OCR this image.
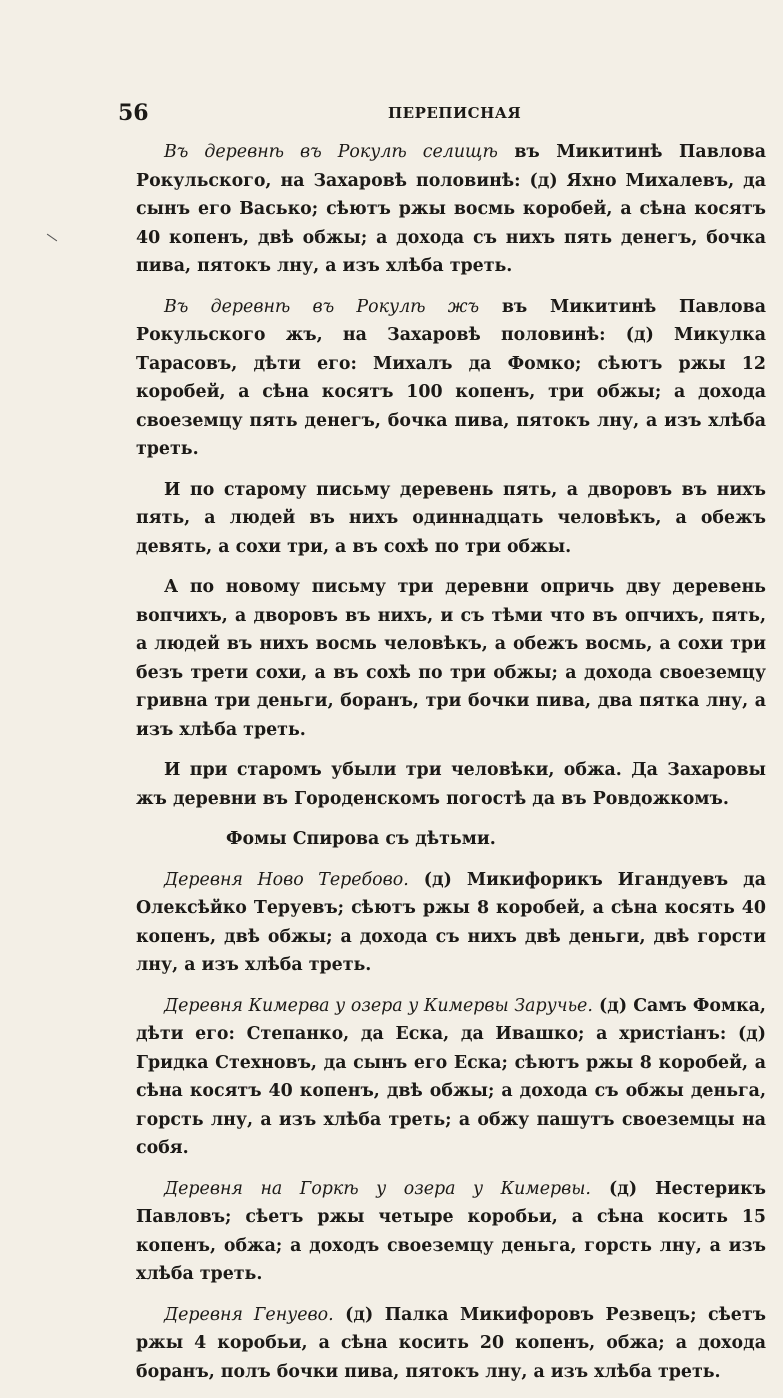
56	ПЕРЕПИСНАЯ

Въ деревнѣ въ Рокулѣ селищѣ въ Микитинѣ Павлова Рокульского, на Захаровѣ половинѣ: (д) Яхно Михалевъ, да сынъ его Васько; сѣютъ ржы восмь коробей, а сѣна косятъ 40 копенъ, двѣ обжы; а дохода съ нихъ пять денегъ, бочка пива, пятокъ лну, а изъ хлѣба треть.

Въ деревнѣ въ Рокулѣ жъ въ Микитинѣ Павлова Рокульского жъ, на Захаровѣ половинѣ: (д) Микулка Тарасовъ, дѣти его: Михалъ да Фомко; сѣютъ ржы 12 коробей, а сѣна косятъ 100 копенъ, три обжы; а дохода своеземцу пять денегъ, бочка пива, пятокъ лну, а изъ хлѣба треть.

И по старому письму деревень пять, а дворовъ въ нихъ пять, а людей въ нихъ одиннадцать человѣкъ, а обежъ девять, а сохи три, а въ сохѣ по три обжы.

А по новому письму три деревни опричь дву деревень вопчихъ, а дворовъ въ нихъ, и съ тѣми что въ опчихъ, пять, а людей въ нихъ восмь человѣкъ, а обежъ восмь, а сохи три безъ трети сохи, а въ сохѣ по три обжы; а дохода своеземцу гривна три деньги, боранъ, три бочки пива, два пятка лну, а изъ хлѣба треть.

И при старомъ убыли три человѣки, обжа. Да Захаровы жъ деревни въ Городенскомъ погостѣ да въ Ровдожкомъ.

Фомы Спирова съ дѣтьми.

Деревня Ново Теребово. (д) Микифорикъ Игандуевъ да Олексѣйко Теруевъ; сѣютъ ржы 8 коробей, а сѣна косять 40 копенъ, двѣ обжы; а дохода съ нихъ двѣ деньги, двѣ горсти лну, а изъ хлѣба треть.

Деревня Кимерва у озера у Кимервы Заручье. (д) Самъ Фомка, дѣти его: Степанко, да Еска, да Ивашко; а христіанъ: (д) Гридка Стехновъ, да сынъ его Еска; сѣютъ ржы 8 коробей, а сѣна косятъ 40 копенъ, двѣ обжы; а дохода съ обжы деньга, горсть лну, а изъ хлѣба треть; а обжу пашутъ своеземцы на собя.

Деревня на Горкѣ у озера у Кимервы. (д) Нестерикъ Павловъ; сѣетъ ржы четыре коробьи, а сѣна косить 15 копенъ, обжа; а доходъ своеземцу деньга, горсть лну, а изъ хлѣба треть.

Деревня Генуево. (д) Палка Микифоровъ Резвецъ; сѣетъ ржы 4 коробьи, а сѣна косить 20 копенъ, обжа; а дохода боранъ, полъ бочки пива, пятокъ лну, а изъ хлѣба треть.
